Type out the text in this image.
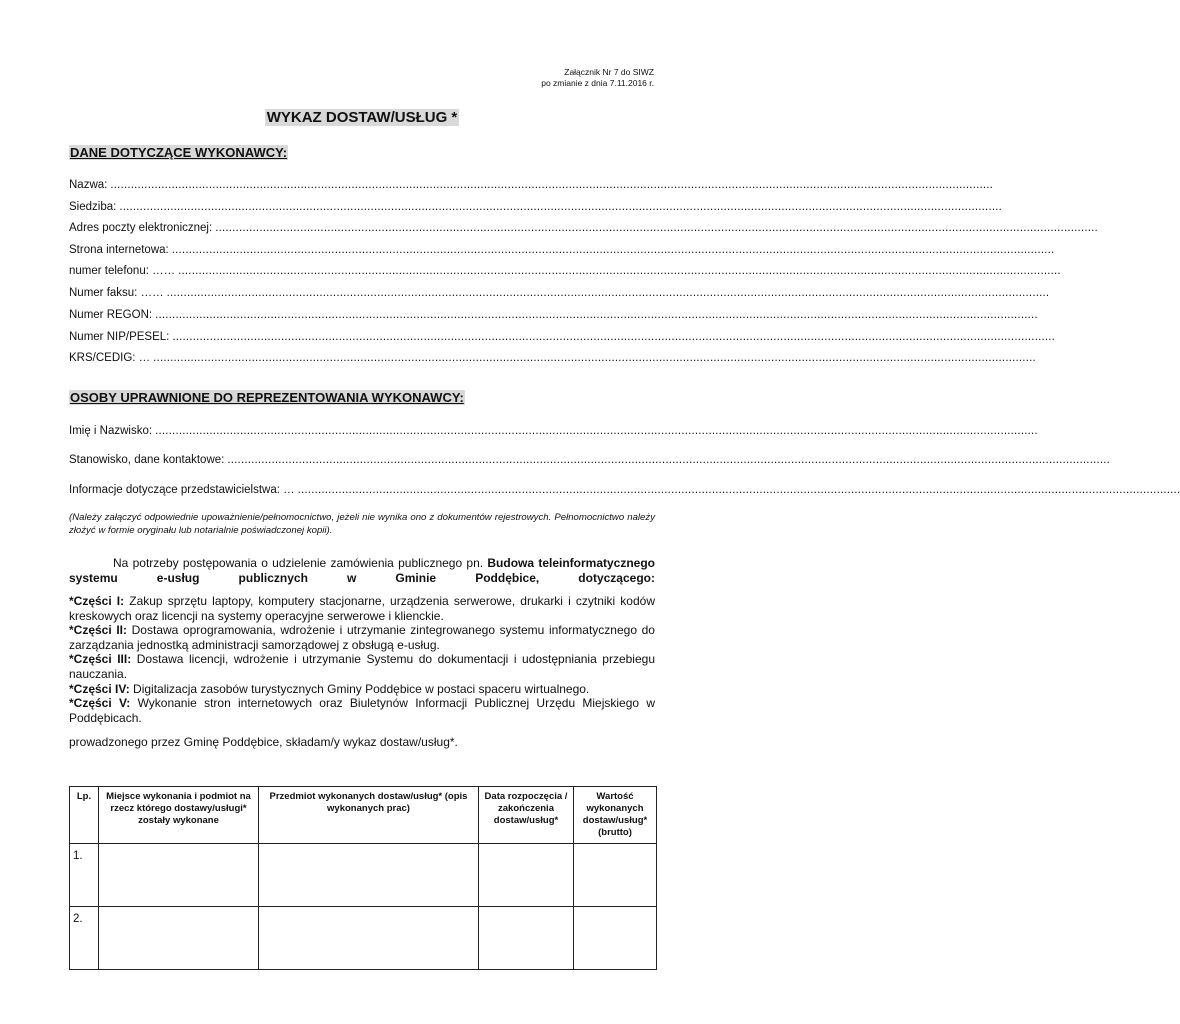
Załącznik Nr 7 do SIWZ
po zmianie z dnia 7.11.2016 r.
WYKAZ DOSTAW/USŁUG *
DANE DOTYCZĄCE WYKONAWCY:
Nazwa: ....................................................................................................................................................................................................................................................................
Siedziba: ....................................................................................................................................................................................................................................................................
Adres poczty elektronicznej: ....................................................................................................................................................................................................................................................................
Strona internetowa: ....................................................................................................................................................................................................................................................................
numer telefonu: …… ....................................................................................................................................................................................................................................................................
Numer faksu: …… ....................................................................................................................................................................................................................................................................
Numer REGON: ....................................................................................................................................................................................................................................................................
Numer NIP/PESEL: ....................................................................................................................................................................................................................................................................
KRS/CEDIG: … ....................................................................................................................................................................................................................................................................
OSOBY UPRAWNIONE DO REPREZENTOWANIA WYKONAWCY:
Imię i Nazwisko: ....................................................................................................................................................................................................................................................................
Stanowisko, dane kontaktowe: ....................................................................................................................................................................................................................................................................
Informacje dotyczące przedstawicielstwa: … ....................................................................................................................................................................................................................................................................
(Należy załączyć odpowiednie upoważnienie/pełnomocnictwo, jeżeli nie wynika ono z dokumentów rejestrowych. Pełnomocnictwo należy złożyć w formie oryginału lub notarialnie poświadczonej kopii).
Na potrzeby postępowania o udzielenie zamówienia publicznego pn. Budowa teleinformatycznego systemu e-usług publicznych w Gminie Poddębice, dotyczącego:

*Części I: Zakup sprzętu laptopy, komputery stacjonarne, urządzenia serwerowe, drukarki i czytniki kodów kreskowych oraz licencji na systemy operacyjne serwerowe i klienckie.

*Części II: Dostawa oprogramowania, wdrożenie i utrzymanie zintegrowanego systemu informatycznego do zarządzania jednostką administracji samorządowej z obsługą e-usług.

*Części III: Dostawa licencji, wdrożenie i utrzymanie Systemu do dokumentacji i udostępniania przebiegu nauczania.

*Części IV: Digitalizacja zasobów turystycznych Gminy Poddębice w postaci spaceru wirtualnego.

*Części V: Wykonanie stron internetowych oraz Biuletynów Informacji Publicznej Urzędu Miejskiego w Poddębicach.

prowadzonego przez Gminę Poddębice, składam/y wykaz dostaw/usług*.
Lp.	Miejsce wykonania i podmiot na rzecz którego dostawy/usługi* zostały wykonane	Przedmiot wykonanych dostaw/usług* (opis wykonanych prac)	Data rozpoczęcia / zakończenia dostaw/usług*	Wartość wykonanych dostaw/usług* (brutto)
1.				
2.				
